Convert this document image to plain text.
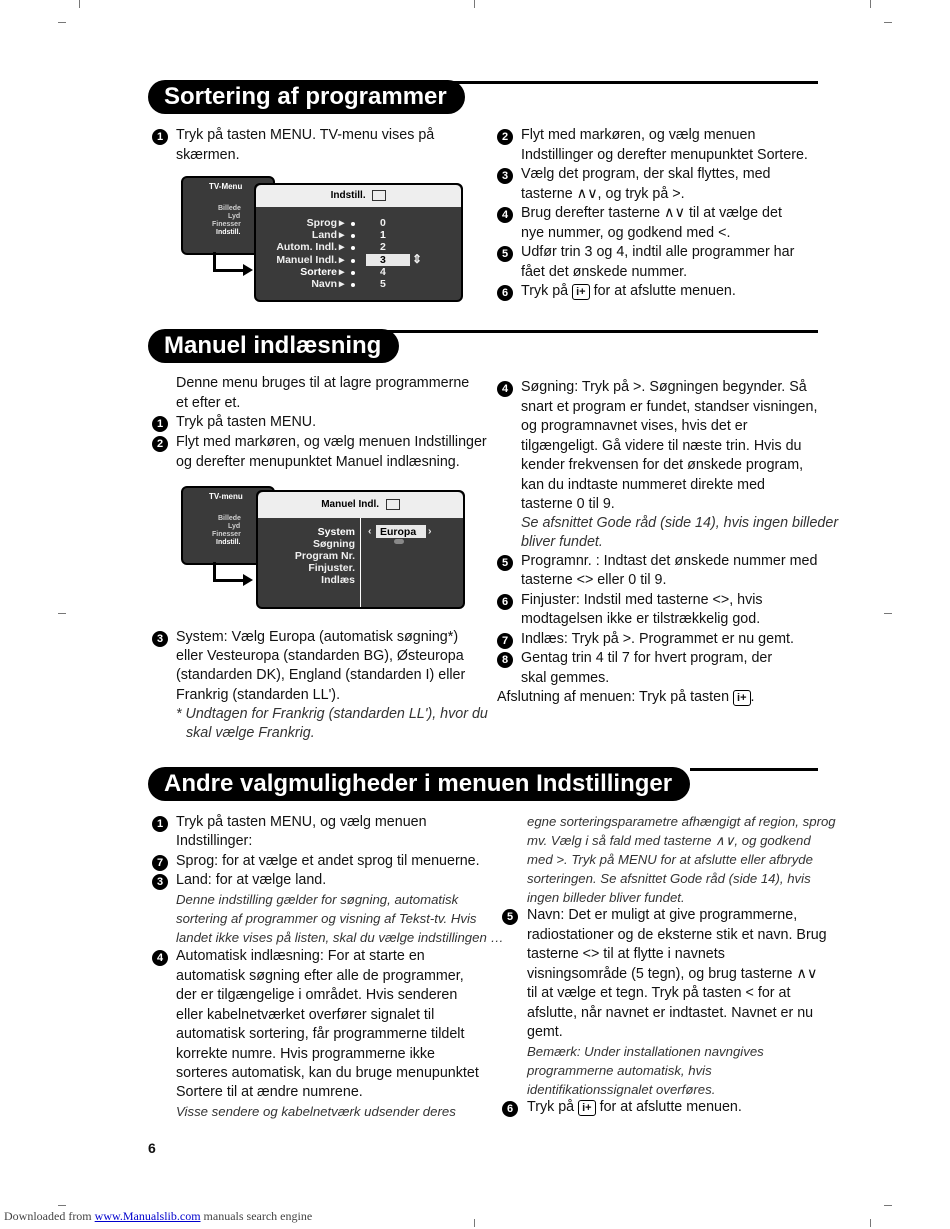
Sortering af programmer
1 Tryk på tasten MENU. TV-menu vises på
skærmen.
TV-Menu
Billede
Lyd
Finesser
Indstill.
Indstill.
Sprog
Land
Autom. Indl.
Manuel Indl.
Sortere
Navn
▸
▸
▸
▸
▸
▸
0
1
2
3 ⇕
4
5
2 Flyt med markøren, og vælg menuen
Indstillinger og derefter menupunktet Sortere.
3 Vælg det program, der skal flyttes, med
tasterne ∧∨, og tryk på >.
4 Brug derefter tasterne ∧∨ til at vælge det
nye nummer, og godkend med <.
5 Udfør trin 3 og 4, indtil alle programmer har
fået det ønskede nummer.
6 Tryk på i+ for at afslutte menuen.
Manuel indlæsning
Denne menu bruges til at lagre programmerne
et efter et.
1 Tryk på tasten MENU.
2 Flyt med markøren, og vælg menuen Indstillinger
og derefter menupunktet Manuel indlæsning.
TV-menu
Billede
Lyd
Finesser
Indstill.
Manuel Indl.
System
Søgning
Program Nr.
Finjuster.
Indlæs
‹ Europa ›
3 System: Vælg Europa (automatisk søgning*)
eller Vesteuropa (standarden BG), Østeuropa
(standarden DK), England (standarden I) eller
Frankrig (standarden LL').
* Undtagen for Frankrig (standarden LL'), hvor du
skal vælge Frankrig.
4 Søgning: Tryk på >. Søgningen begynder. Så
snart et program er fundet, standser visningen,
og programnavnet vises, hvis det er
tilgængeligt. Gå videre til næste trin. Hvis du
kender frekvensen for det ønskede program,
kan du indtaste nummeret direkte med
tasterne 0 til 9.
Se afsnittet Gode råd (side 14), hvis ingen billeder
bliver fundet.
5 Programnr. : Indtast det ønskede nummer med
tasterne <> eller 0 til 9.
6 Finjuster: Indstil med tasterne <>, hvis
modtagelsen ikke er tilstrækkelig god.
7 Indlæs: Tryk på >. Programmet er nu gemt.
8 Gentag trin 4 til 7 for hvert program, der
skal gemmes.
Afslutning af menuen: Tryk på tasten i+ .
Andre valgmuligheder i menuen Indstillinger
1 Tryk på tasten MENU, og vælg menuen
Indstillinger:
7 Sprog: for at vælge et andet sprog til menuerne.
3 Land: for at vælge land.
Denne indstilling gælder for søgning, automatisk
sortering af programmer og visning af Tekst-tv. Hvis
landet ikke vises på listen, skal du vælge indstillingen …
4 Automatisk indlæsning: For at starte en
automatisk søgning efter alle de programmer,
der er tilgængelige i området. Hvis senderen
eller kabelnetværket overfører signalet til
automatisk sortering, får programmerne tildelt
korrekte numre. Hvis programmerne ikke
sorteres automatisk, kan du bruge menupunktet
Sortere til at ændre numrene.
Visse sendere og kabelnetværk udsender deres
egne sorteringsparametre afhængigt af region, sprog
mv. Vælg i så fald med tasterne ∧∨, og godkend
med >. Tryk på MENU for at afslutte eller afbryde
sorteringen. Se afsnittet Gode råd (side 14), hvis
ingen billeder bliver fundet.
5 Navn: Det er muligt at give programmerne,
radiostationer og de eksterne stik et navn. Brug
tasterne <> til at flytte i navnets
visningsområde (5 tegn), og brug tasterne ∧∨
til at vælge et tegn. Tryk på tasten < for at
afslutte, når navnet er indtastet. Navnet er nu
gemt.
Bemærk: Under installationen navngives
programmerne automatisk, hvis
identifikationssignalet overføres.
6 Tryk på i+ for at afslutte menuen.
6
Downloaded from www.Manualslib.com manuals search engine
